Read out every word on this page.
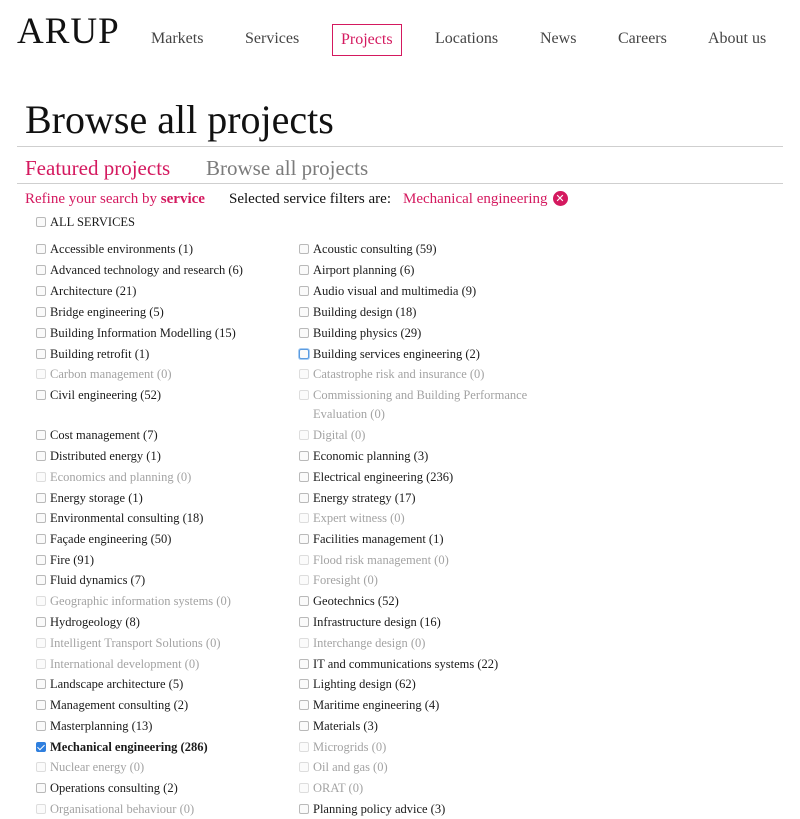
ARUP Markets	Services	Projects	Locations	News	Careers	About us
Browse all projects
Featured projects Browse all projects
Refine your search by service Selected service filters are: Mechanical engineering ✕
ALL SERVICES
Accessible environments (1)
Advanced technology and research (6)
Architecture (21)
Bridge engineering (5)
Building Information Modelling (15)
Building retrofit (1)
Carbon management (0)
Civil engineering (52)
Cost management (7)
Distributed energy (1)
Economics and planning (0)
Energy storage (1)
Environmental consulting (18)
Façade engineering (50)
Fire (91)
Fluid dynamics (7)
Geographic information systems (0)
Hydrogeology (8)
Intelligent Transport Solutions (0)
International development (0)
Landscape architecture (5)
Management consulting (2)
Masterplanning (13)
Mechanical engineering (286)
Nuclear energy (0)
Operations consulting (2)
Organisational behaviour (0)
Acoustic consulting (59)
Airport planning (6)
Audio visual and multimedia (9)
Building design (18)
Building physics (29)
Building services engineering (2)
Catastrophe risk and insurance (0)
Commissioning and Building Performance Evaluation (0)
Digital (0)
Economic planning (3)
Electrical engineering (236)
Energy strategy (17)
Expert witness (0)
Facilities management (1)
Flood risk management (0)
Foresight (0)
Geotechnics (52)
Infrastructure design (16)
Interchange design (0)
IT and communications systems (22)
Lighting design (62)
Maritime engineering (4)
Materials (3)
Microgrids (0)
Oil and gas (0)
ORAT (0)
Planning policy advice (3)
